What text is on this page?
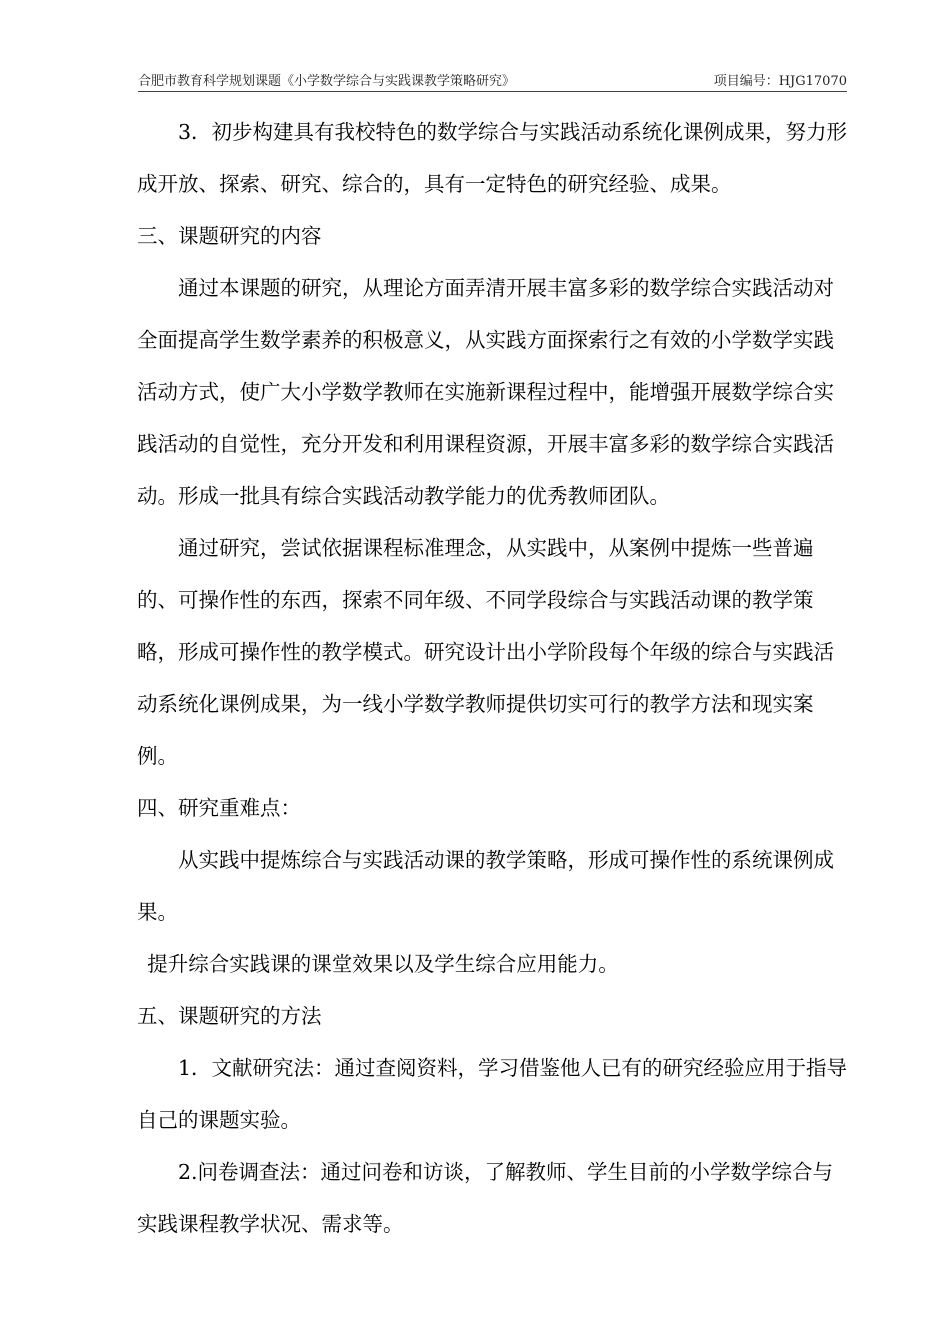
合肥市教育科学规划课题《小学数学综合与实践课教学策略研究》	项目编号：HJG17070

3．初步构建具有我校特色的数学综合与实践活动系统化课例成果，努力形成开放、探索、研究、综合的，具有一定特色的研究经验、成果。

三、课题研究的内容

通过本课题的研究，从理论方面弄清开展丰富多彩的数学综合实践活动对全面提高学生数学素养的积极意义，从实践方面探索行之有效的小学数学实践活动方式，使广大小学数学教师在实施新课程过程中，能增强开展数学综合实践活动的自觉性，充分开发和利用课程资源，开展丰富多彩的数学综合实践活动。形成一批具有综合实践活动教学能力的优秀教师团队。

通过研究，尝试依据课程标准理念，从实践中，从案例中提炼一些普遍的、可操作性的东西，探索不同年级、不同学段综合与实践活动课的教学策略，形成可操作性的教学模式。研究设计出小学阶段每个年级的综合与实践活动系统化课例成果，为一线小学数学教师提供切实可行的教学方法和现实案例。

四、研究重难点：

从实践中提炼综合与实践活动课的教学策略，形成可操作性的系统课例成果。

提升综合实践课的课堂效果以及学生综合应用能力。

五、课题研究的方法

1．文献研究法：通过查阅资料，学习借鉴他人已有的研究经验应用于指导自己的课题实验。

2.问卷调查法：通过问卷和访谈，了解教师、学生目前的小学数学综合与实践课程教学状况、需求等。
